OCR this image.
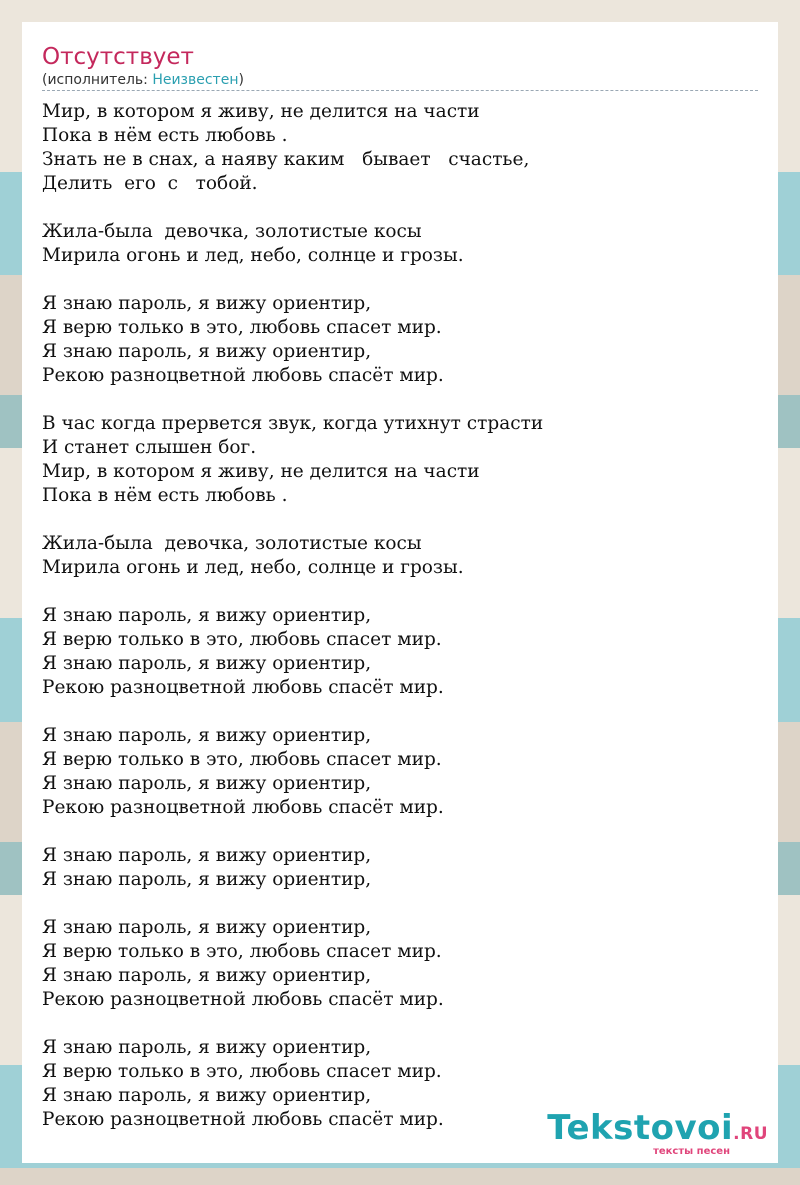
Отсутствует
(исполнитель: Неизвестен)
Мир, в котором я живу, не делится на части
Пока в нём есть любовь .
Знать не в снах, а наяву каким   бывает   счастье,
Делить  его  с   тобой.
Жила-была  девочка, золотистые косы
Мирила огонь и лед, небо, солнце и грозы.
Я знаю пароль, я вижу ориентир,
Я верю только в это, любовь спасет мир.
Я знаю пароль, я вижу ориентир,
Рекою разноцветной любовь спасёт мир.
В час когда прервется звук, когда утихнут страсти
И станет слышен бог.
Мир, в котором я живу, не делится на части
Пока в нём есть любовь .
Жила-была  девочка, золотистые косы
Мирила огонь и лед, небо, солнце и грозы.
Я знаю пароль, я вижу ориентир,
Я верю только в это, любовь спасет мир.
Я знаю пароль, я вижу ориентир,
Рекою разноцветной любовь спасёт мир.
Я знаю пароль, я вижу ориентир,
Я верю только в это, любовь спасет мир.
Я знаю пароль, я вижу ориентир,
Рекою разноцветной любовь спасёт мир.
Я знаю пароль, я вижу ориентир,
Я знаю пароль, я вижу ориентир,
Я знаю пароль, я вижу ориентир,
Я верю только в это, любовь спасет мир.
Я знаю пароль, я вижу ориентир,
Рекою разноцветной любовь спасёт мир.
Я знаю пароль, я вижу ориентир,
Я верю только в это, любовь спасет мир.
Я знаю пароль, я вижу ориентир,
Рекою разноцветной любовь спасёт мир.	Tekstovoi.RU
тексты песен
